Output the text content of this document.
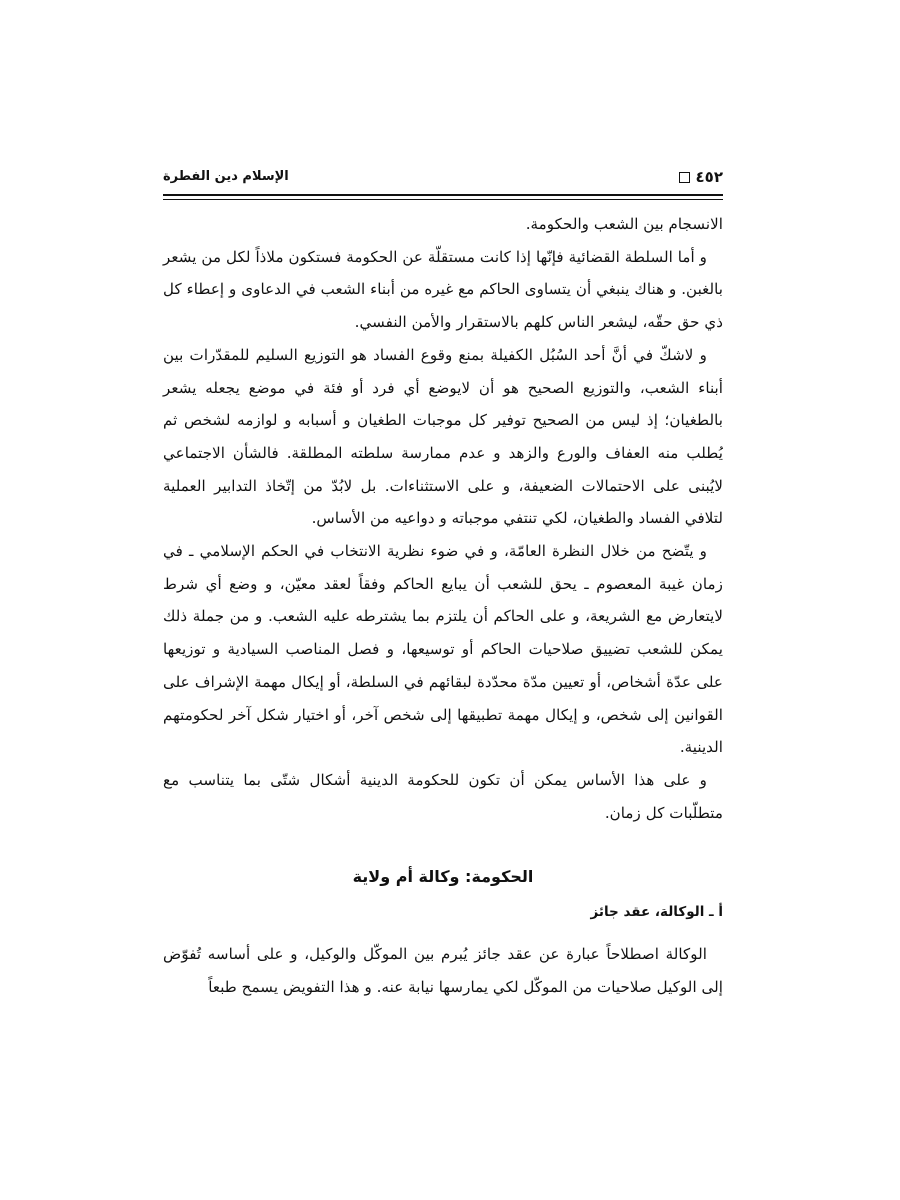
٤٥٢
الإسلام دين الفطرة

الانسجام بين الشعب والحكومة.

و أما السلطة القضائية فإنّها إذا كانت مستقلّة عن الحكومة فستكون ملاذاً لكل من يشعر بالغبن. و هناك ينبغي أن يتساوى الحاكم مع غيره من أبناء الشعب في الدعاوى و إعطاء كل ذي حق حقّه، ليشعر الناس كلهم بالاستقرار والأمن النفسي.

و لاشكّ في أنَّ أحد السُبُل الكفيلة بمنع وقوع الفساد هو التوزيع السليم للمقدّرات بين أبناء الشعب، والتوزيع الصحيح هو أن لايوضع أي فرد أو فئة في موضع يجعله يشعر بالطغيان؛ إذ ليس من الصحيح توفير كل موجبات الطغيان و أسبابه و لوازمه لشخص ثم يُطلب منه العفاف والورع والزهد و عدم ممارسة سلطته المطلقة. فالشأن الاجتماعي لايُبنى على الاحتمالات الضعيفة، و على الاستثناءات. بل لابُدّ من إتّخاذ التدابير العملية لتلافي الفساد والطغيان، لكي تنتفي موجباته و دواعيه من الأساس.

و يتّضح من خلال النظرة العامّة، و في ضوء نظرية الانتخاب في الحكم الإسلامي ـ في زمان غيبة المعصوم ـ يحق للشعب أن يبايع الحاكم وفقاً لعقد معيّن، و وضع أي شرط لايتعارض مع الشريعة، و على الحاكم أن يلتزم بما يشترطه عليه الشعب. و من جملة ذلك يمكن للشعب تضييق صلاحيات الحاكم أو توسيعها، و فصل المناصب السيادية و توزيعها على عدّة أشخاص، أو تعيين مدّة محدّدة لبقائهم في السلطة، أو إيكال مهمة الإشراف على القوانين إلى شخص، و إيكال مهمة تطبيقها إلى شخص آخر، أو اختيار شكل آخر لحكومتهم الدينية.

و على هذا الأساس يمكن أن تكون للحكومة الدينية أشكال شتّى بما يتناسب مع متطلّبات كل زمان.

الحكومة: وكالة أم ولاية
أ ـ الوكالة، عقد جائز

الوكالة اصطلاحاً عبارة عن عقد جائز يُبرم بين الموكّل والوكيل، و على أساسه تُفوّض إلى الوكيل صلاحيات من الموكّل لكي يمارسها نيابة عنه. و هذا التفويض يسمح طبعاً
